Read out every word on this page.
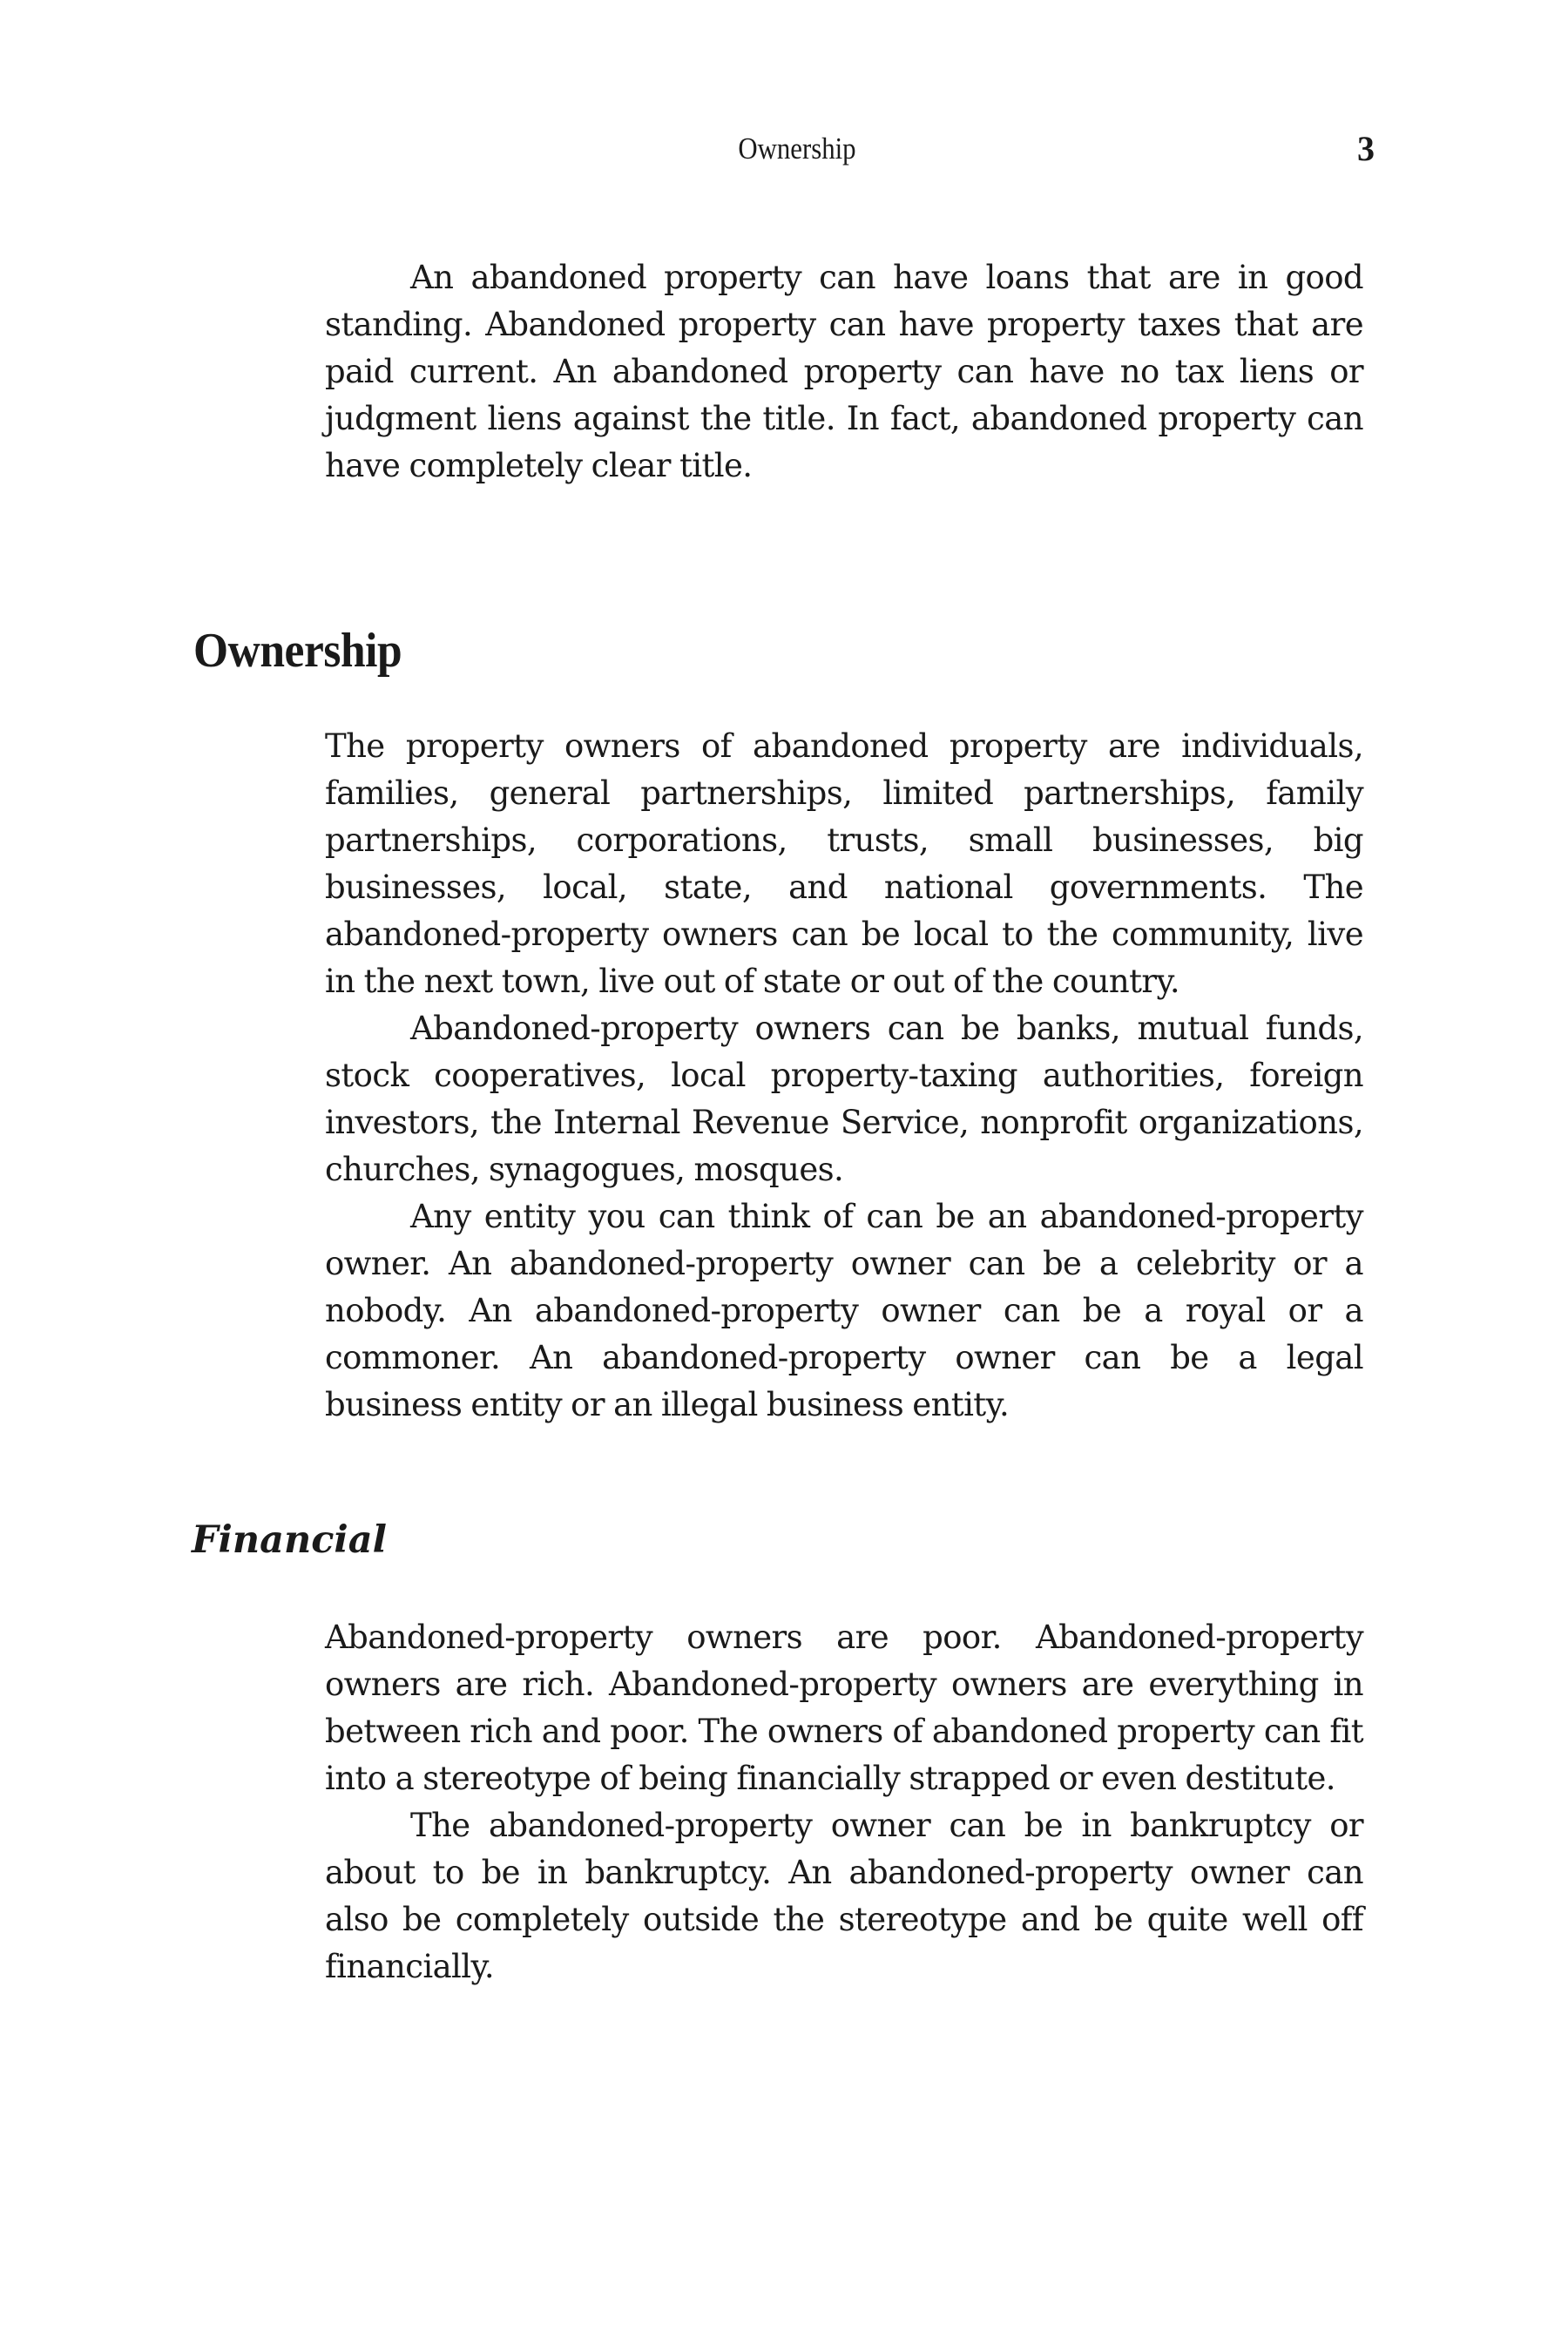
Ownership	3

An abandoned property can have loans that are in good standing. Abandoned property can have property taxes that are paid current. An abandoned property can have no tax liens or judgment liens against the title. In fact, abandoned property can have completely clear title.

Ownership

The property owners of abandoned property are individuals, families, general partnerships, limited partnerships, family partnerships, corporations, trusts, small businesses, big businesses, local, state, and national governments. The abandoned-property owners can be local to the community, live in the next town, live out of state or out of the country.

Abandoned-property owners can be banks, mutual funds, stock cooperatives, local property-taxing authorities, foreign investors, the Internal Revenue Service, nonprofit organizations, churches, synagogues, mosques.

Any entity you can think of can be an abandoned-property owner. An abandoned-property owner can be a celebrity or a nobody. An abandoned-property owner can be a royal or a commoner. An abandoned-property owner can be a legal business entity or an illegal business entity.

Financial

Abandoned-property owners are poor. Abandoned-property owners are rich. Abandoned-property owners are everything in between rich and poor. The owners of abandoned property can fit into a stereotype of being financially strapped or even destitute.

The abandoned-property owner can be in bankruptcy or about to be in bankruptcy. An abandoned-property owner can also be completely outside the stereotype and be quite well off financially.
